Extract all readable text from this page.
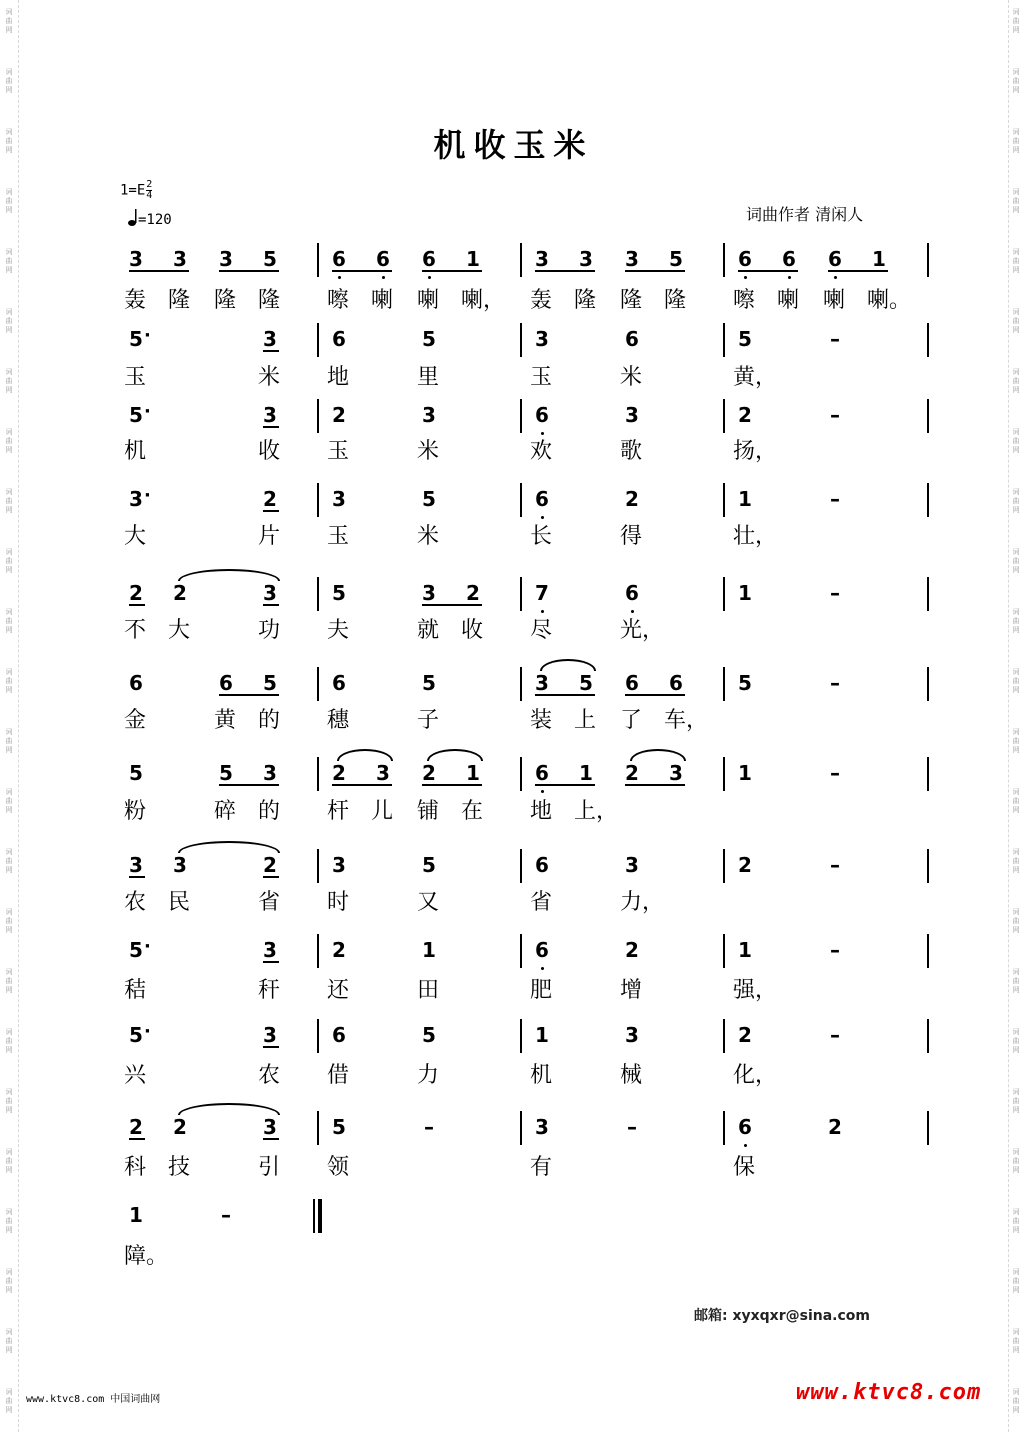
机收玉米
$1=E \frac{2}{4}$
=120	词曲作者 清闲人
3 3 3 5	6 6 6 1	3 3 3 5	6 6 6 1
轰 隆 隆 隆 嚓 喇 喇 喇， 轰 隆 隆 隆 嚓 喇 喇 喇。
5 ·	3	6	5	3	6	5	–
玉	米 地	里	玉	米	黄，
5 ·	3	2	3	6	3	2	–
机	收 玉	米	欢	歌	扬，
3 ·	2	3	5	6	2	1	–
大	片 玉	米	长	得	壮，
2 2	3	5	3 2	7	6	1	–
不 大	功 夫	就 收 尽	光，
6	6 5	6	5	3 5 6 6	5	–
金	黄 的 穗	子	装 上 了 车，
5	5 3	2 3 2 1	6 1 2 3	1	–
粉	碎 的 杆 儿 铺 在 地 上，
3 3	2	3	5	6	3	2	–
农 民	省 时	又	省	力，
5 ·	3	2	1	6	2	1	–
秸	秆 还	田	肥	增	强，
5 ·	3	6	5	1	3	2	–
兴	农 借	力	机	械	化，
2 2	3	5	–	3	–	6	2
科 技	引 领	有	保
1	–
障。
邮箱: xyxqxr@sina.com
www.ktvc8.com 中国词曲网	www.ktvc8.com
词
曲
网
词
曲
网
词
曲
网
词
曲
网
词
曲
网
词
曲
网
词
曲
网
词
曲
网
词
曲
网
词
曲
网
词
曲
网
词
曲
网
词
曲
网
词
曲
网
词
曲
网
词
曲
网
词
曲
网
词
曲
网
词
曲
网
词
曲
网
词
曲
网
词
曲
网
词
曲
网
词
曲
网
词
曲
网
词
曲
网
词
曲
网
词
曲
网
词
曲
网
词
曲
网
词
曲
网
词
曲
网
词
曲
网
词
曲
网
词
曲
网
词
曲
网
词
曲
网
词
曲
网
词
曲
网
词
曲
网
词
曲
网
词
曲
网
词
曲
网
词
曲
网
词
曲
网
词
曲
网
词
曲
网
词
曲
网
